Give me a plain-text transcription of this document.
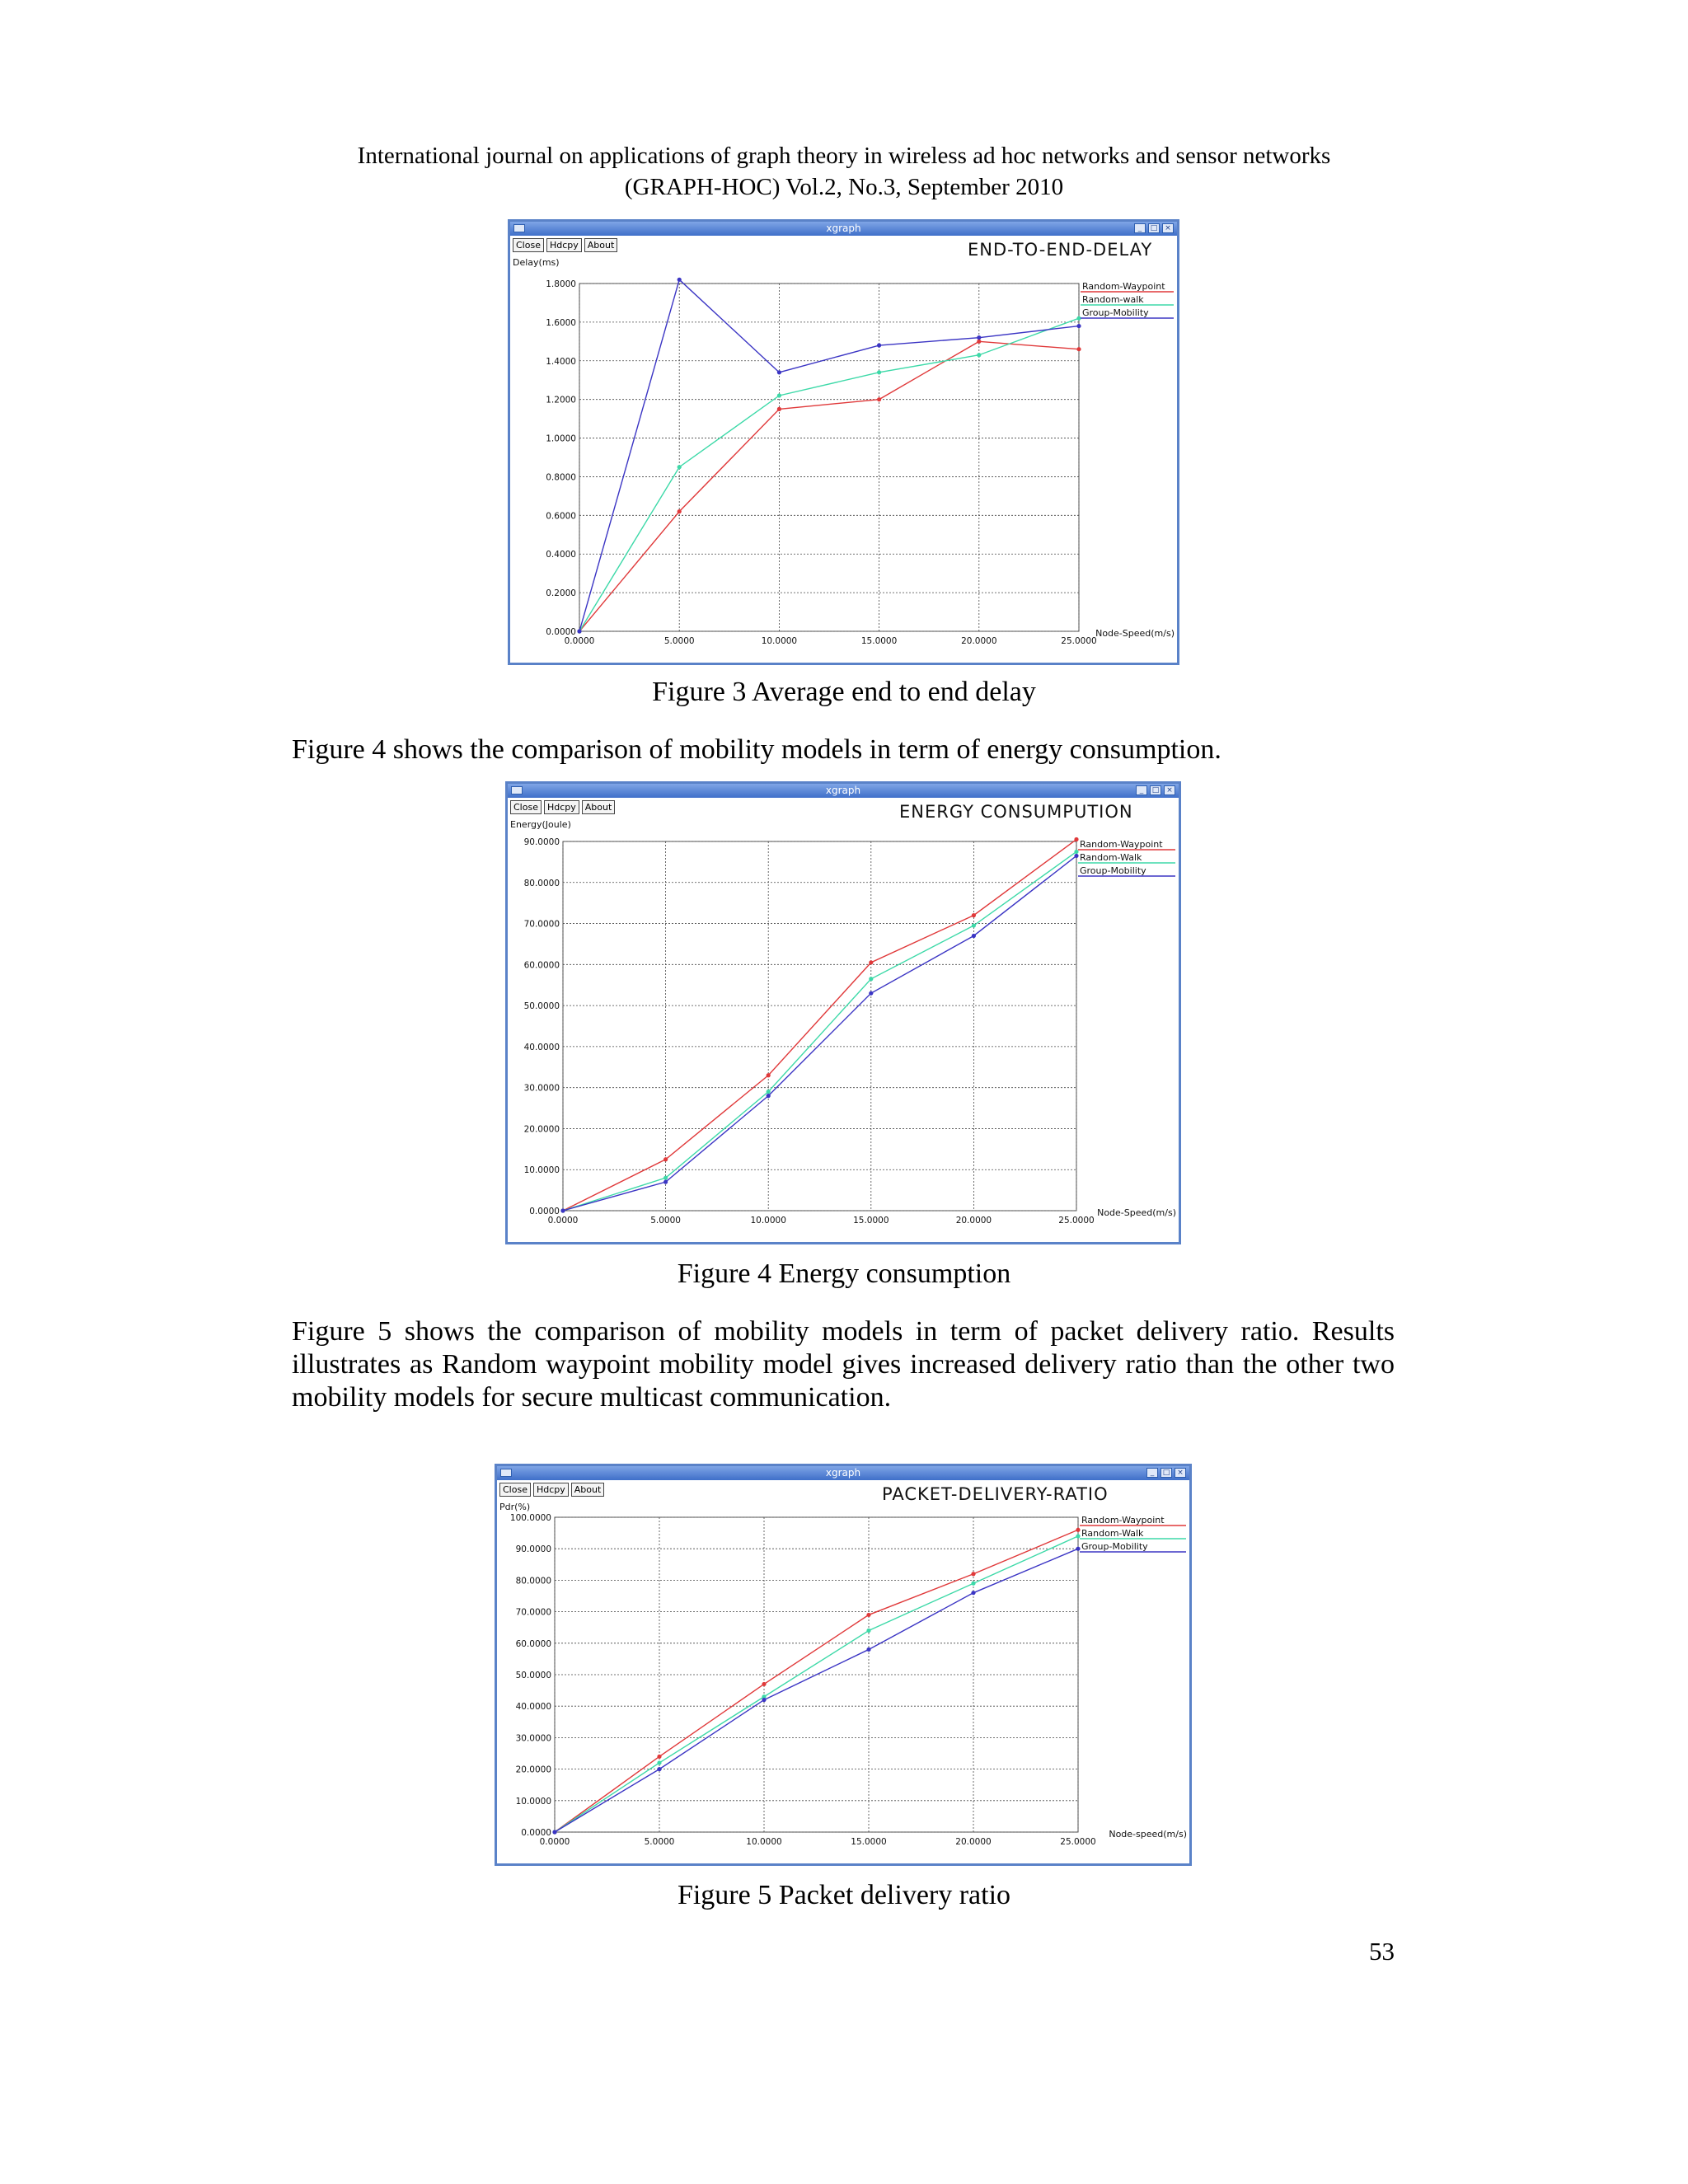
International journal on applications of graph theory in wireless ad hoc networks and sensor networks
(GRAPH-HOC) Vol.2, No.3, September 2010
xgraph	_	□ ×
Close	Hdcpy	About	END-TO-END-DELAY
Delay(ms)
0.0000
0.2000
0.4000
0.6000
0.8000
1.0000
1.2000
1.4000
1.6000
1.8000
0.0000	5.0000	10.0000	15.0000	20.0000	25.0000
Node-Speed(m/s)
Random-Waypoint
Random-walk
Group-Mobility
Figure 3 Average end to end delay
Figure 4 shows the comparison of mobility models in term of energy consumption.
xgraph	_	□ ×
Close	Hdcpy	About	ENERGY CONSUMPUTION
Energy(Joule)
0.0000
10.0000
20.0000
30.0000
40.0000
50.0000
60.0000
70.0000
80.0000
90.0000
0.0000	5.0000	10.0000	15.0000	20.0000	25.0000
Node-Speed(m/s)
Random-Waypoint
Random-Walk
Group-Mobility
Figure 4 Energy consumption
Figure 5 shows the comparison of mobility models in term of packet delivery ratio. Results illustrates as Random waypoint mobility model gives increased delivery ratio than the other two mobility models for secure multicast communication.
xgraph	_	□ ×
Close	Hdcpy	About	PACKET-DELIVERY-RATIO
Pdr(%)
0.0000
10.0000
20.0000
30.0000
40.0000
50.0000
60.0000
70.0000
80.0000
90.0000
100.0000
0.0000	5.0000	10.0000	15.0000	20.0000	25.0000
Node-speed(m/s)
Random-Waypoint
Random-Walk
Group-Mobility
Figure 5 Packet delivery ratio
53
